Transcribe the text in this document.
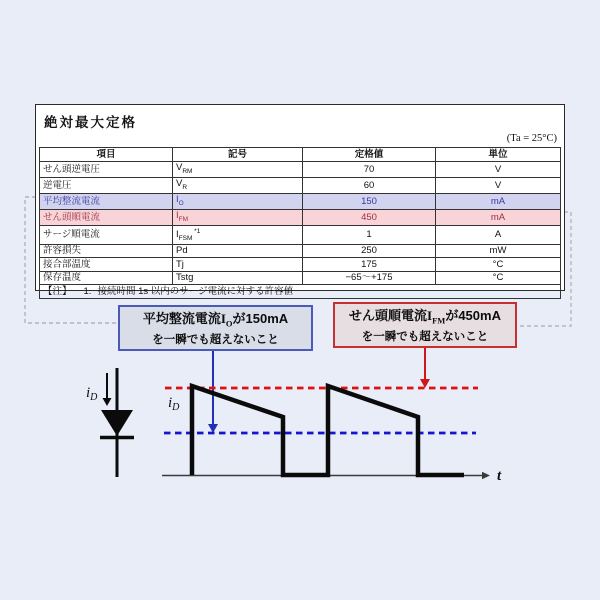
絶対最大定格
(Ta = 25°C)
項目	記号	定格値	単位
せん頭逆電圧	$V_{RM}$	70	V
逆電圧	$V_R$	60	V
平均整流電流	$I_O$	150	mA
せん頭順電流	$I_{FM}$	450	mA
サージ順電流	$I_{FSM}$ $^{*1}$	1	A
許容損失	Pd	250	mW
接合部温度	Tj	175	°C
保存温度	Tstg	−65～+175	°C
【注】 1. 接続時間 1s 以内のサージ電流に対する許容値			
平均整流電流$I_O$が150mA
を一瞬でも超えないこと
せん頭順電流$I_{FM}$が450mA
を一瞬でも超えないこと
t
$i_D$
$i_D$
